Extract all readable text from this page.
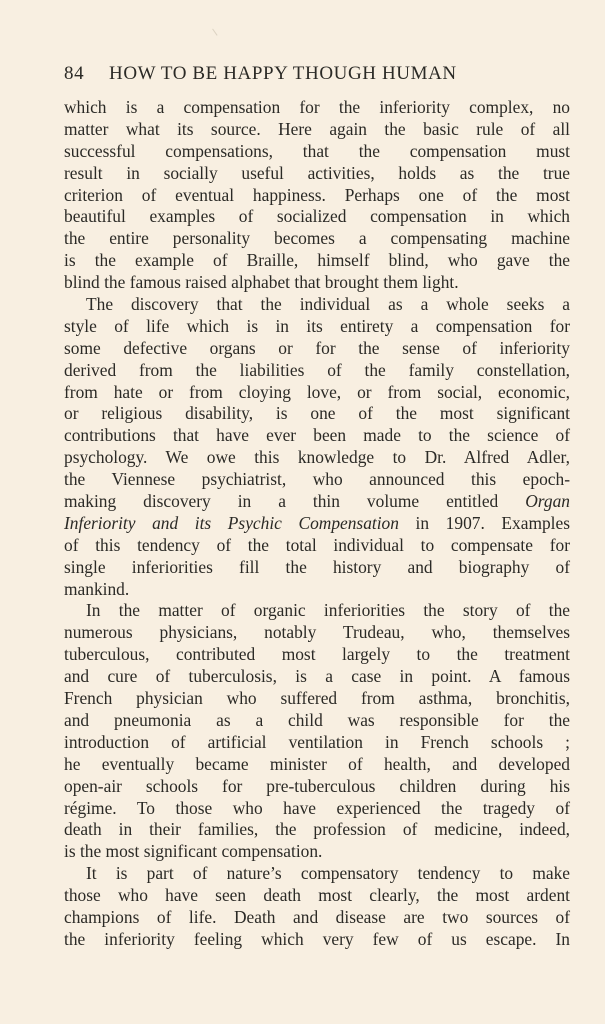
84 HOW TO BE HAPPY THOUGH HUMAN
which is a compensation for the inferiority complex, no
matter what its source. Here again the basic rule of all
successful compensations, that the compensation must
result in socially useful activities, holds as the true
criterion of eventual happiness. Perhaps one of the most
beautiful examples of socialized compensation in which
the entire personality becomes a compensating machine
is the example of Braille, himself blind, who gave the
blind the famous raised alphabet that brought them light.
The discovery that the individual as a whole seeks a
style of life which is in its entirety a compensation for
some defective organs or for the sense of inferiority
derived from the liabilities of the family constellation,
from hate or from cloying love, or from social, economic,
or religious disability, is one of the most significant
contributions that have ever been made to the science of
psychology. We owe this knowledge to Dr. Alfred Adler,
the Viennese psychiatrist, who announced this epoch-
making discovery in a thin volume entitled Organ
Inferiority and its Psychic Compensation in 1907. Examples
of this tendency of the total individual to compensate for
single inferiorities fill the history and biography of
mankind.
In the matter of organic inferiorities the story of the
numerous physicians, notably Trudeau, who, themselves
tuberculous, contributed most largely to the treatment
and cure of tuberculosis, is a case in point. A famous
French physician who suffered from asthma, bronchitis,
and pneumonia as a child was responsible for the
introduction of artificial ventilation in French schools ;
he eventually became minister of health, and developed
open-air schools for pre-tuberculous children during his
régime. To those who have experienced the tragedy of
death in their families, the profession of medicine, indeed,
is the most significant compensation.
It is part of nature’s compensatory tendency to make
those who have seen death most clearly, the most ardent
champions of life. Death and disease are two sources of
the inferiority feeling which very few of us escape. In
